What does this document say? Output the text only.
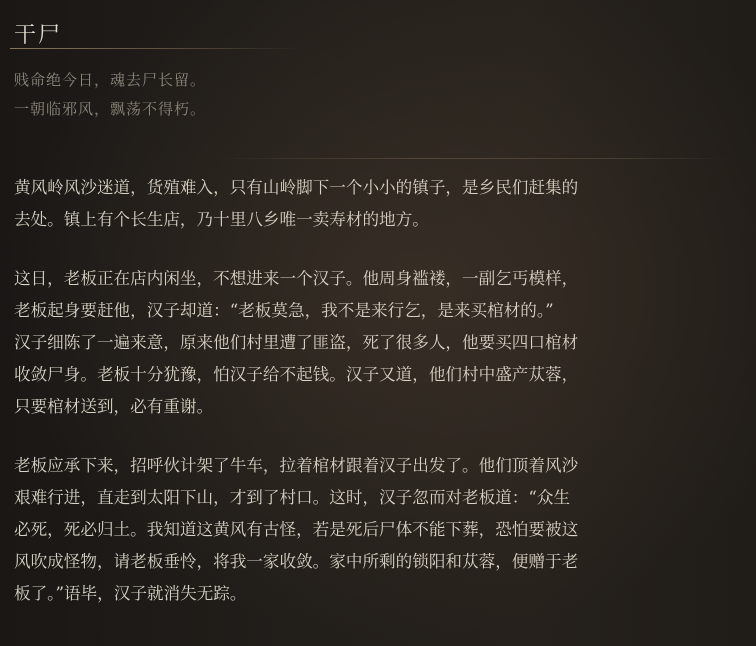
干尸
贱命绝今日，魂去尸长留。
一朝临邪风，飘荡不得朽。
黄风岭风沙迷道，货殖难入，只有山岭脚下一个小小的镇子，是乡民们赶集的
去处。镇上有个长生店，乃十里八乡唯一卖寿材的地方。
这日，老板正在店内闲坐，不想进来一个汉子。他周身褴褛，一副乞丐模样，
老板起身要赶他，汉子却道：“老板莫急，我不是来行乞，是来买棺材的。”
汉子细陈了一遍来意，原来他们村里遭了匪盗，死了很多人，他要买四口棺材
收敛尸身。老板十分犹豫，怕汉子给不起钱。汉子又道，他们村中盛产苁蓉，
只要棺材送到，必有重谢。
老板应承下来，招呼伙计架了牛车，拉着棺材跟着汉子出发了。他们顶着风沙
艰难行进，直走到太阳下山，才到了村口。这时，汉子忽而对老板道：“众生
必死，死必归土。我知道这黄风有古怪，若是死后尸体不能下葬，恐怕要被这
风吹成怪物，请老板垂怜，将我一家收敛。家中所剩的锁阳和苁蓉，便赠于老
板了。”语毕，汉子就消失无踪。
